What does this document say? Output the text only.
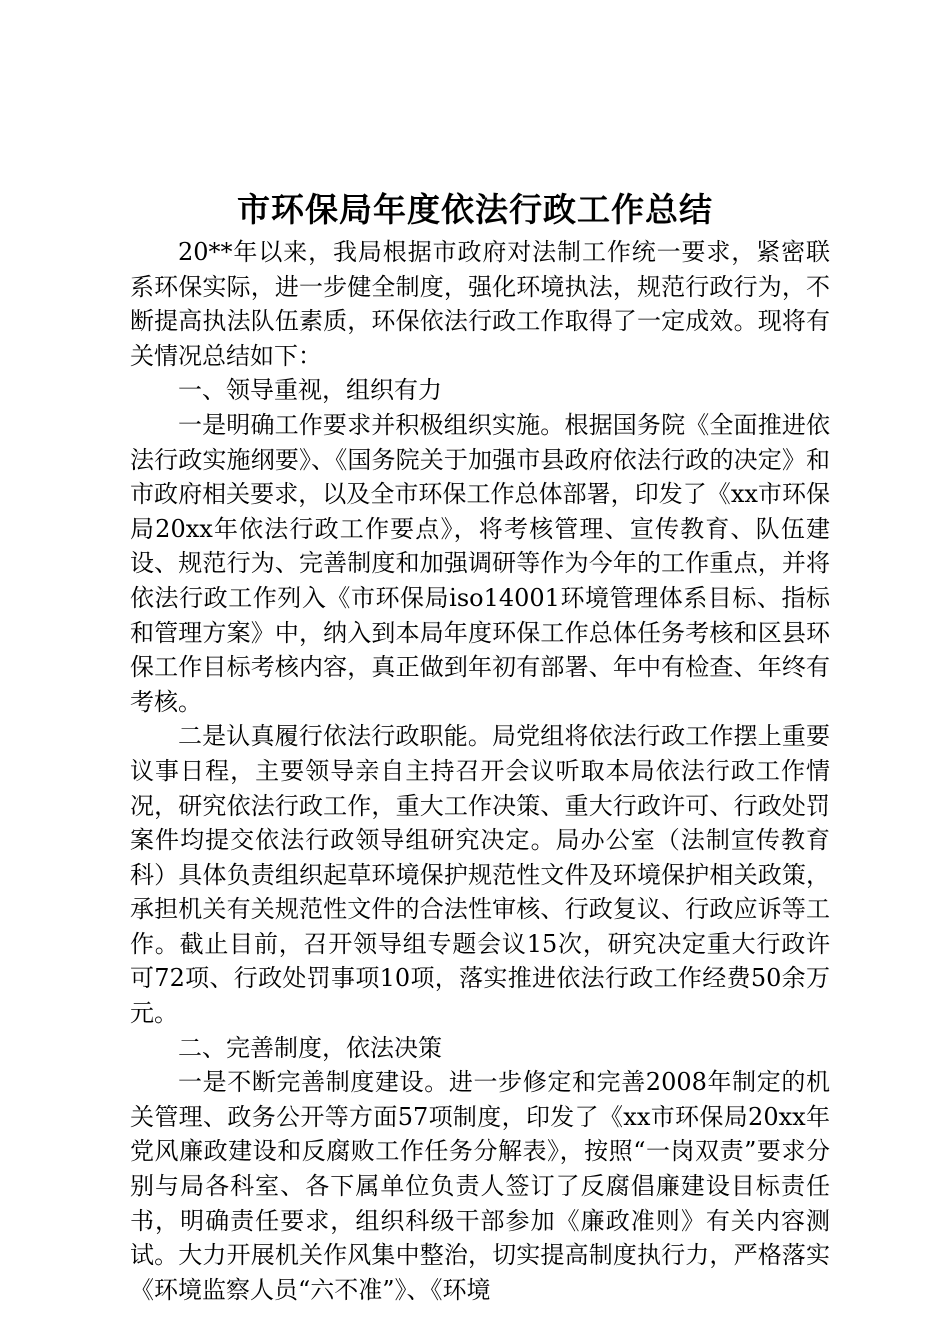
市环保局年度依法行政工作总结

20**年以来，我局根据市政府对法制工作统一要求，紧密联系环保实际，进一步健全制度，强化环境执法，规范行政行为，不断提高执法队伍素质，环保依法行政工作取得了一定成效。现将有关情况总结如下：

一、领导重视，组织有力

一是明确工作要求并积极组织实施。根据国务院《全面推进依法行政实施纲要》、《国务院关于加强市县政府依法行政的决定》和市政府相关要求，以及全市环保工作总体部署，印发了《xx市环保局20xx年依法行政工作要点》，将考核管理、宣传教育、队伍建设、规范行为、完善制度和加强调研等作为今年的工作重点，并将依法行政工作列入《市环保局iso14001环境管理体系目标、指标和管理方案》中，纳入到本局年度环保工作总体任务考核和区县环保工作目标考核内容，真正做到年初有部署、年中有检查、年终有考核。

二是认真履行依法行政职能。局党组将依法行政工作摆上重要议事日程，主要领导亲自主持召开会议听取本局依法行政工作情况，研究依法行政工作，重大工作决策、重大行政许可、行政处罚案件均提交依法行政领导组研究决定。局办公室（法制宣传教育科）具体负责组织起草环境保护规范性文件及环境保护相关政策，承担机关有关规范性文件的合法性审核、行政复议、行政应诉等工作。截止目前，召开领导组专题会议15次，研究决定重大行政许可72项、行政处罚事项10项，落实推进依法行政工作经费50余万元。

二、完善制度，依法决策

一是不断完善制度建设。进一步修定和完善2008年制定的机关管理、政务公开等方面57项制度，印发了《xx市环保局20xx年党风廉政建设和反腐败工作任务分解表》，按照“一岗双责”要求分别与局各科室、各下属单位负责人签订了反腐倡廉建设目标责任书，明确责任要求，组织科级干部参加《廉政准则》有关内容测试。大力开展机关作风集中整治，切实提高制度执行力，严格落实《环境监察人员“六不准”》、《环境
